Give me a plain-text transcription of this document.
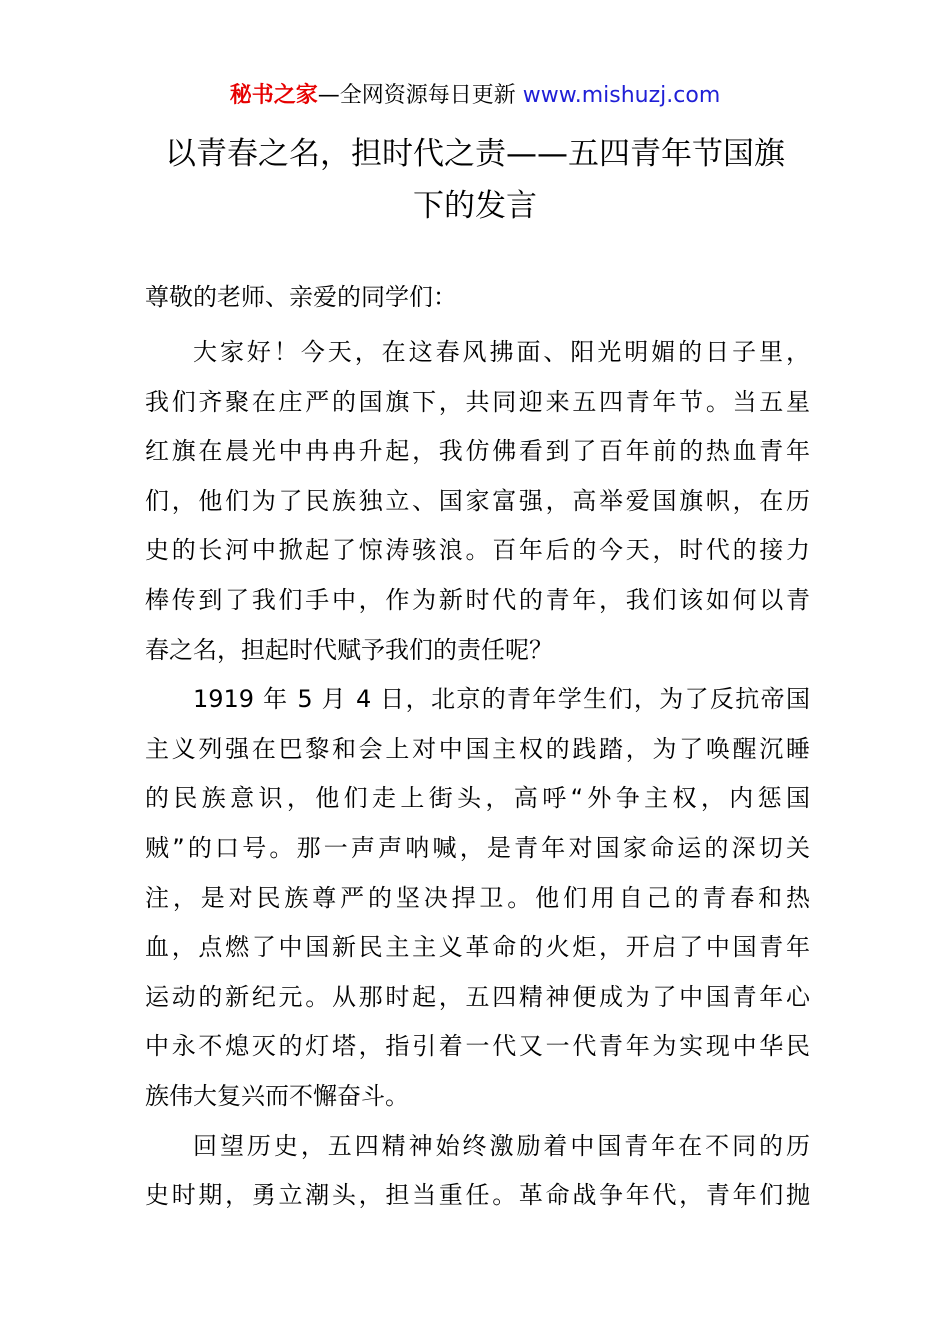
秘书之家—全网资源每日更新 www.mishuzj.com
以青春之名，担时代之责——五四青年节国旗
下的发言

尊敬的老师、亲爱的同学们：

大家好！今天，在这春风拂面、阳光明媚的日子里，
我们齐聚在庄严的国旗下，共同迎来五四青年节。当五星
红旗在晨光中冉冉升起，我仿佛看到了百年前的热血青年
们，他们为了民族独立、国家富强，高举爱国旗帜，在历
史的长河中掀起了惊涛骇浪。百年后的今天，时代的接力
棒传到了我们手中，作为新时代的青年，我们该如何以青
春之名，担起时代赋予我们的责任呢？

1919 年 5 月 4 日，北京的青年学生们，为了反抗帝国
主义列强在巴黎和会上对中国主权的践踏，为了唤醒沉睡
的民族意识，他们走上街头，高呼“外争主权，内惩国
贼”的口号。那一声声呐喊，是青年对国家命运的深切关
注，是对民族尊严的坚决捍卫。他们用自己的青春和热
血，点燃了中国新民主主义革命的火炬，开启了中国青年
运动的新纪元。从那时起，五四精神便成为了中国青年心
中永不熄灭的灯塔，指引着一代又一代青年为实现中华民
族伟大复兴而不懈奋斗。

回望历史，五四精神始终激励着中国青年在不同的历
史时期，勇立潮头，担当重任。革命战争年代，青年们抛
